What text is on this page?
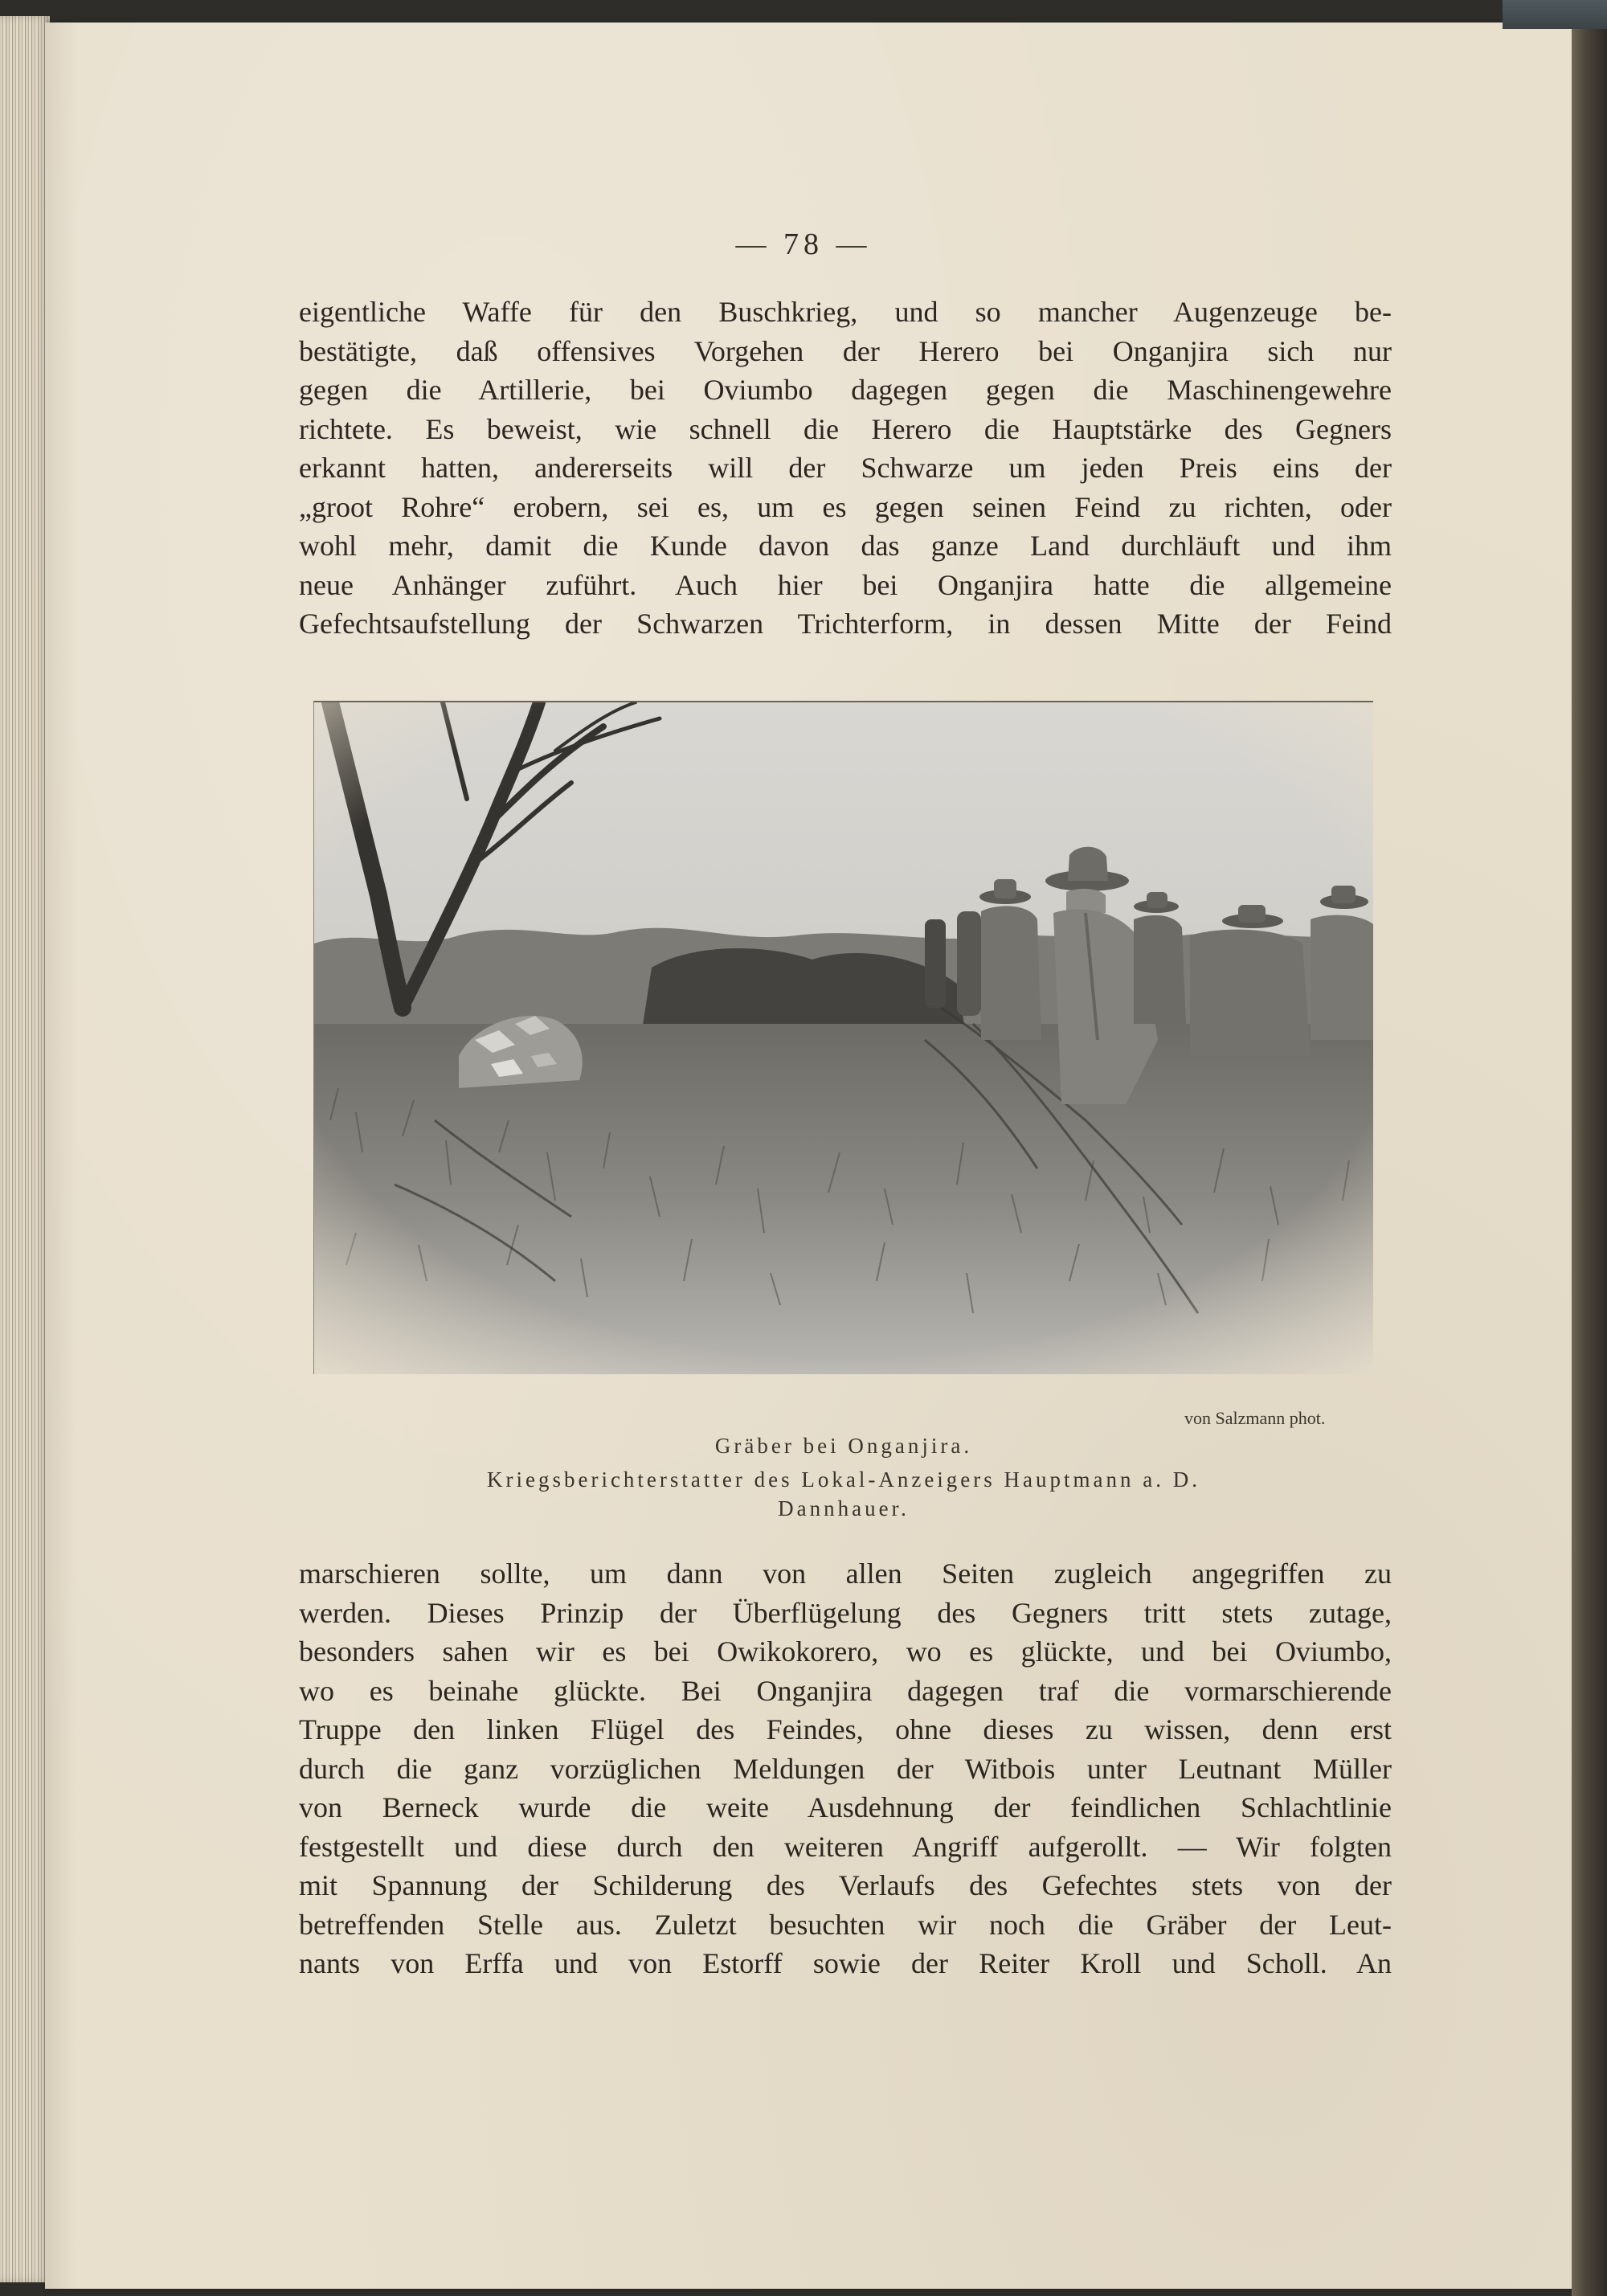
— 78 —
eigentliche Waffe für den Buschkrieg, und so mancher Augenzeuge be-
bestätigte, daß offensives Vorgehen der Herero bei Onganjira sich nur
gegen die Artillerie, bei Oviumbo dagegen gegen die Maschinengewehre
richtete. Es beweist, wie schnell die Herero die Hauptstärke des Gegners
erkannt hatten, andererseits will der Schwarze um jeden Preis eins der
„groot Rohre“ erobern, sei es, um es gegen seinen Feind zu richten, oder
wohl mehr, damit die Kunde davon das ganze Land durchläuft und ihm
neue Anhänger zuführt. Auch hier bei Onganjira hatte die allgemeine
Gefechtsaufstellung der Schwarzen Trichterform, in dessen Mitte der Feind
von Salzmann phot.
Gräber bei Onganjira.
Kriegsberichterstatter des Lokal-Anzeigers Hauptmann a. D.
Dannhauer.
marschieren sollte, um dann von allen Seiten zugleich angegriffen zu
werden. Dieses Prinzip der Überflügelung des Gegners tritt stets zutage,
besonders sahen wir es bei Owikokorero, wo es glückte, und bei Oviumbo,
wo es beinahe glückte. Bei Onganjira dagegen traf die vormarschierende
Truppe den linken Flügel des Feindes, ohne dieses zu wissen, denn erst
durch die ganz vorzüglichen Meldungen der Witbois unter Leutnant Müller
von Berneck wurde die weite Ausdehnung der feindlichen Schlachtlinie
festgestellt und diese durch den weiteren Angriff aufgerollt. — Wir folgten
mit Spannung der Schilderung des Verlaufs des Gefechtes stets von der
betreffenden Stelle aus. Zuletzt besuchten wir noch die Gräber der Leut-
nants von Erffa und von Estorff sowie der Reiter Kroll und Scholl. An
